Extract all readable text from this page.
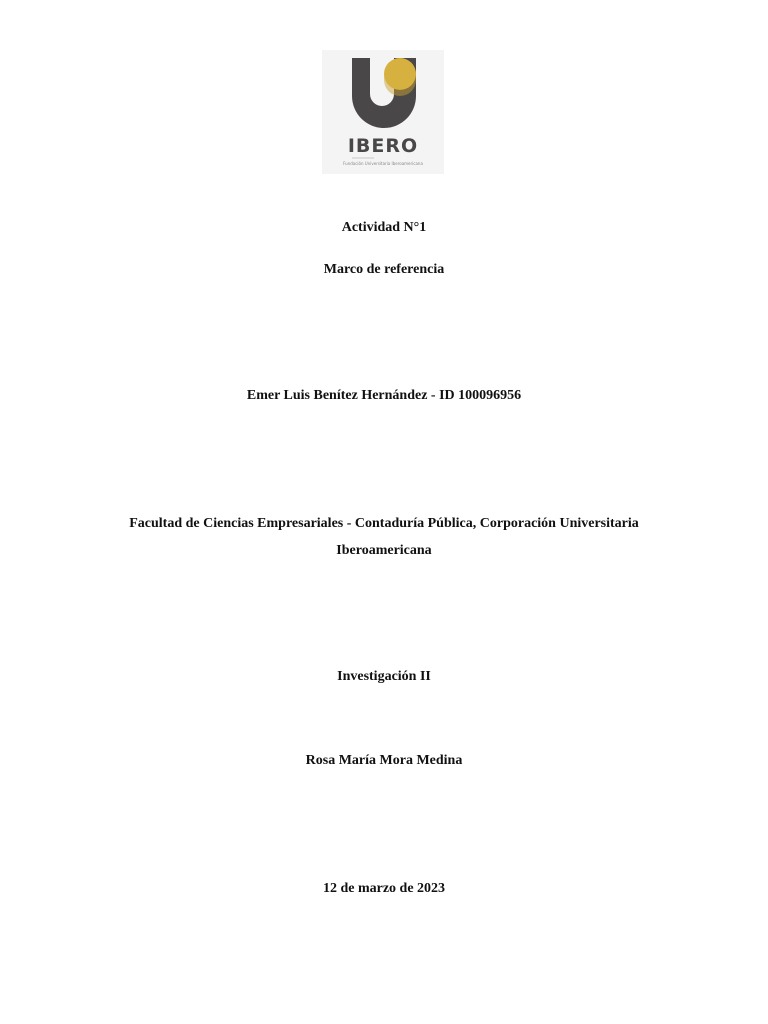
IBERO
Fundación Universitaria Iberoamericana
Actividad N°1
Marco de referencia
Emer Luis Benítez Hernández - ID 100096956
Facultad de Ciencias Empresariales - Contaduría Pública, Corporación Universitaria Iberoamericana
Investigación II
Rosa María Mora Medina
12 de marzo de 2023
